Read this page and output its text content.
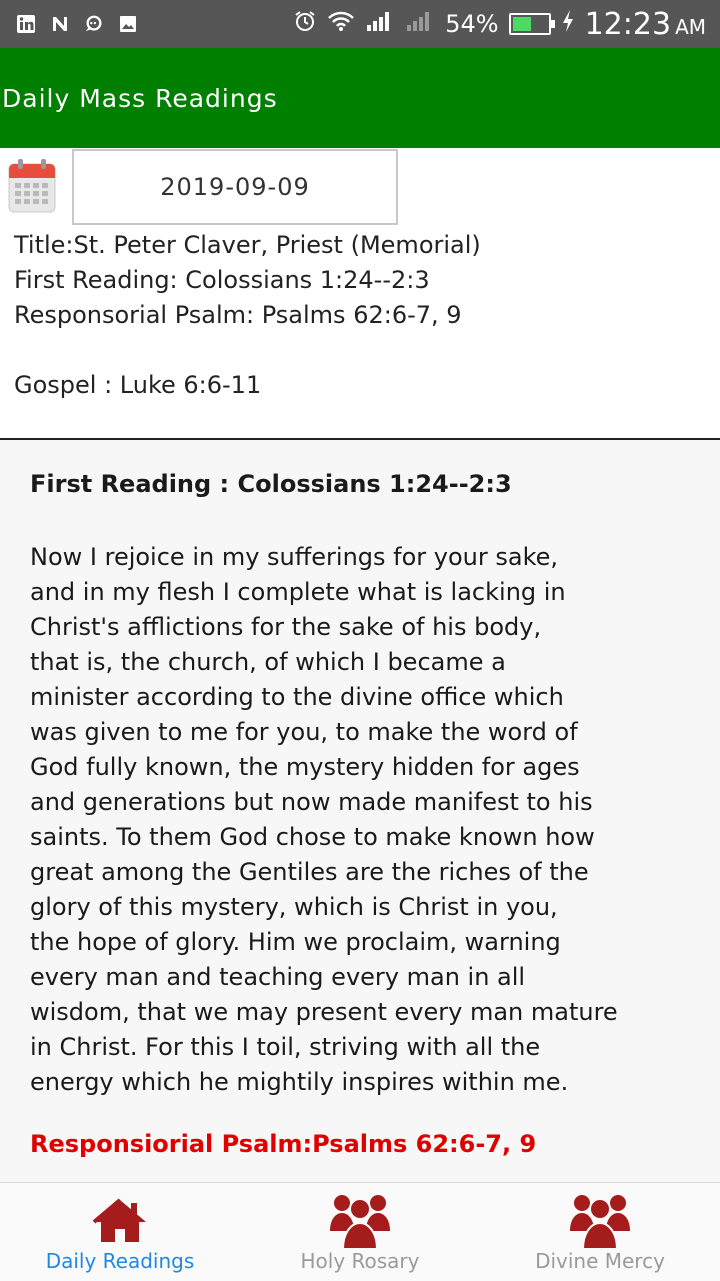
54%	12:23 AM
Daily Mass Readings
2019-09-09
Title:St. Peter Claver, Priest (Memorial)
First Reading: Colossians 1:24--2:3
Responsorial Psalm: Psalms 62:6-7, 9
Gospel : Luke 6:6-11
First Reading : Colossians 1:24--2:3
Now I rejoice in my sufferings for your sake,
and in my flesh I complete what is lacking in
Christ's afflictions for the sake of his body,
that is, the church, of which I became a
minister according to the divine office which
was given to me for you, to make the word of
God fully known, the mystery hidden for ages
and generations but now made manifest to his
saints. To them God chose to make known how
great among the Gentiles are the riches of the
glory of this mystery, which is Christ in you,
the hope of glory. Him we proclaim, warning
every man and teaching every man in all
wisdom, that we may present every man mature
in Christ. For this I toil, striving with all the
energy which he mightily inspires within me.
Responsiorial Psalm:Psalms 62:6-7, 9
Daily Readings	Holy Rosary	Divine Mercy
